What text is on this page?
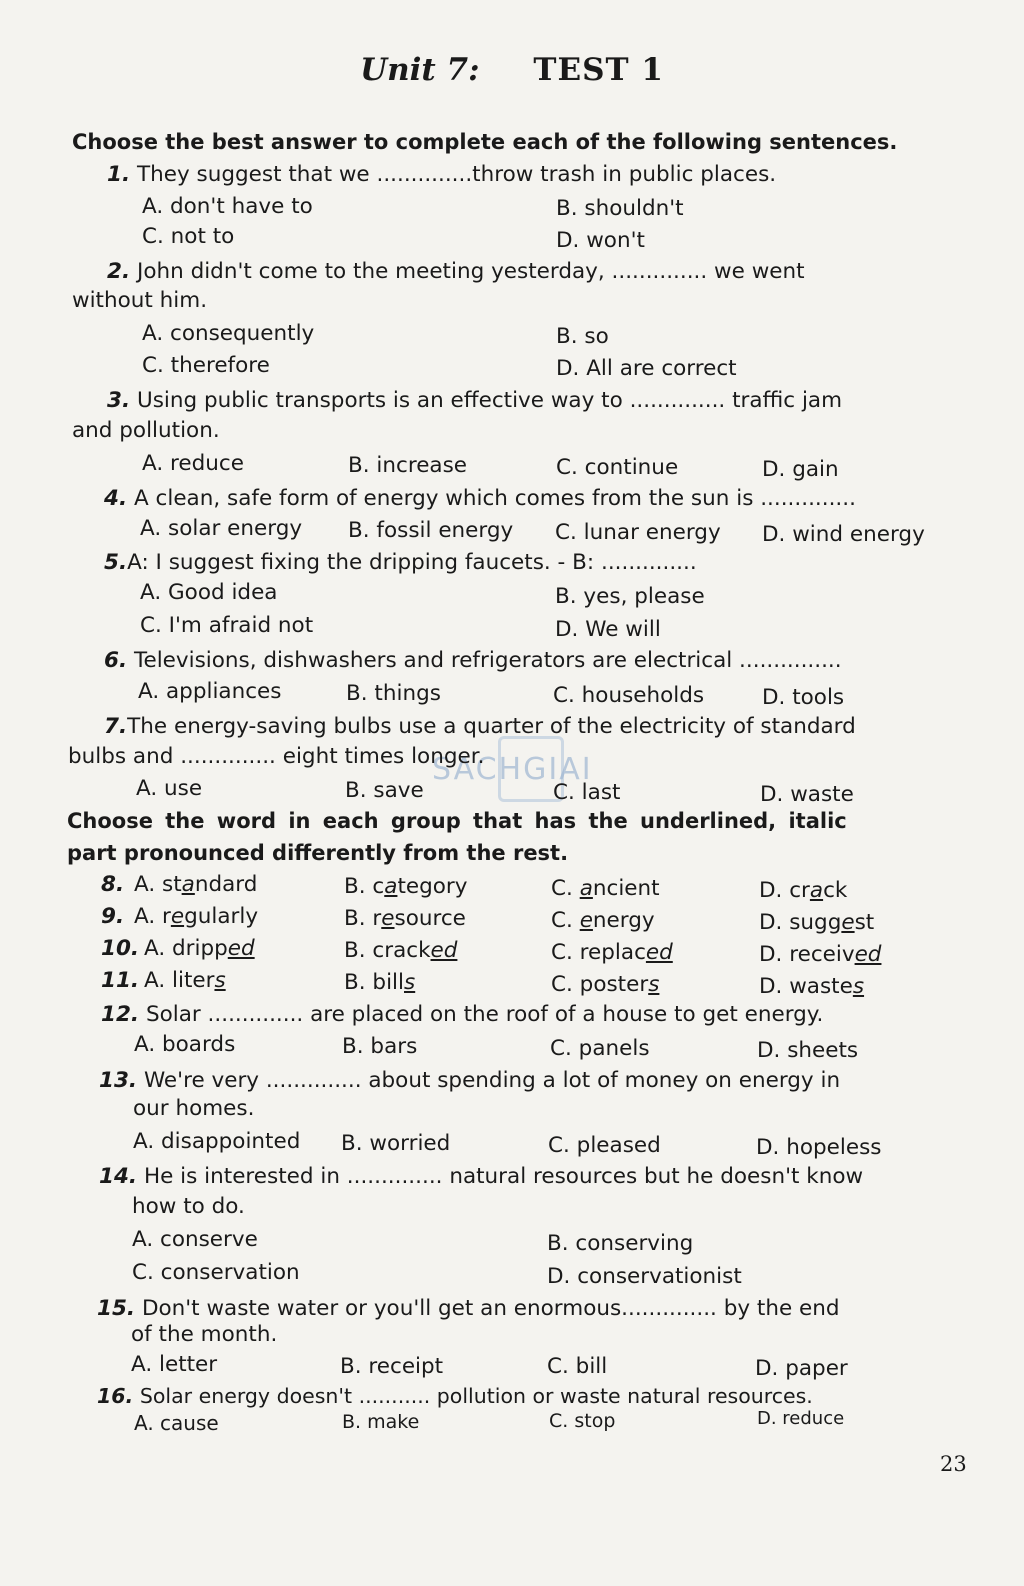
SACHGIAI
Unit 7: TEST 1
Choose the best answer to complete each of the following sentences.
1. They suggest that we ..............throw trash in public places.
A. don't have to	B. shouldn't
C. not to	D. won't
2. John didn't come to the meeting yesterday, .............. we went
without him.
A. consequently	B. so
C. therefore	D. All are correct
3. Using public transports is an effective way to .............. traffic jam
and pollution.
A. reduce	B. increase	C. continue	D. gain
4. A clean, safe form of energy which comes from the sun is ..............
A. solar energy B. fossil energy C. lunar energy D. wind energy
5.A: I suggest fixing the dripping faucets. - B: ..............
A. Good idea	B. yes, please
C. I'm afraid not	D. We will
6. Televisions, dishwashers and refrigerators are electrical ...............
A. appliances	B. things	C. households	D. tools
7.The energy-saving bulbs use a quarter of the electricity of standard
bulbs and .............. eight times longer.
A. use	B. save	C. last	D. waste
Choose the word in each group that has the underlined, italic
part pronounced differently from the rest.
8. A. standard	B. category	C. ancient	D. crack
9. A. regularly	B. resource	C. energy	D. suggest
10. A. dripped	B. cracked	C. replaced	D. received
11. A. liters	B. bills	C. posters	D. wastes
12. Solar .............. are placed on the roof of a house to get energy.
A. boards	B. bars	C. panels	D. sheets
13. We're very .............. about spending a lot of money on energy in
our homes.
A. disappointed B. worried	C. pleased	D. hopeless
14. He is interested in .............. natural resources but he doesn't know
how to do.
A. conserve	B. conserving
C. conservation	D. conservationist
15. Don't waste water or you'll get an enormous.............. by the end
of the month.
A. letter	B. receipt	C. bill	D. paper
16. Solar energy doesn't ........... pollution or waste natural resources.
A. cause	B. make	C. stop	D. reduce
23
